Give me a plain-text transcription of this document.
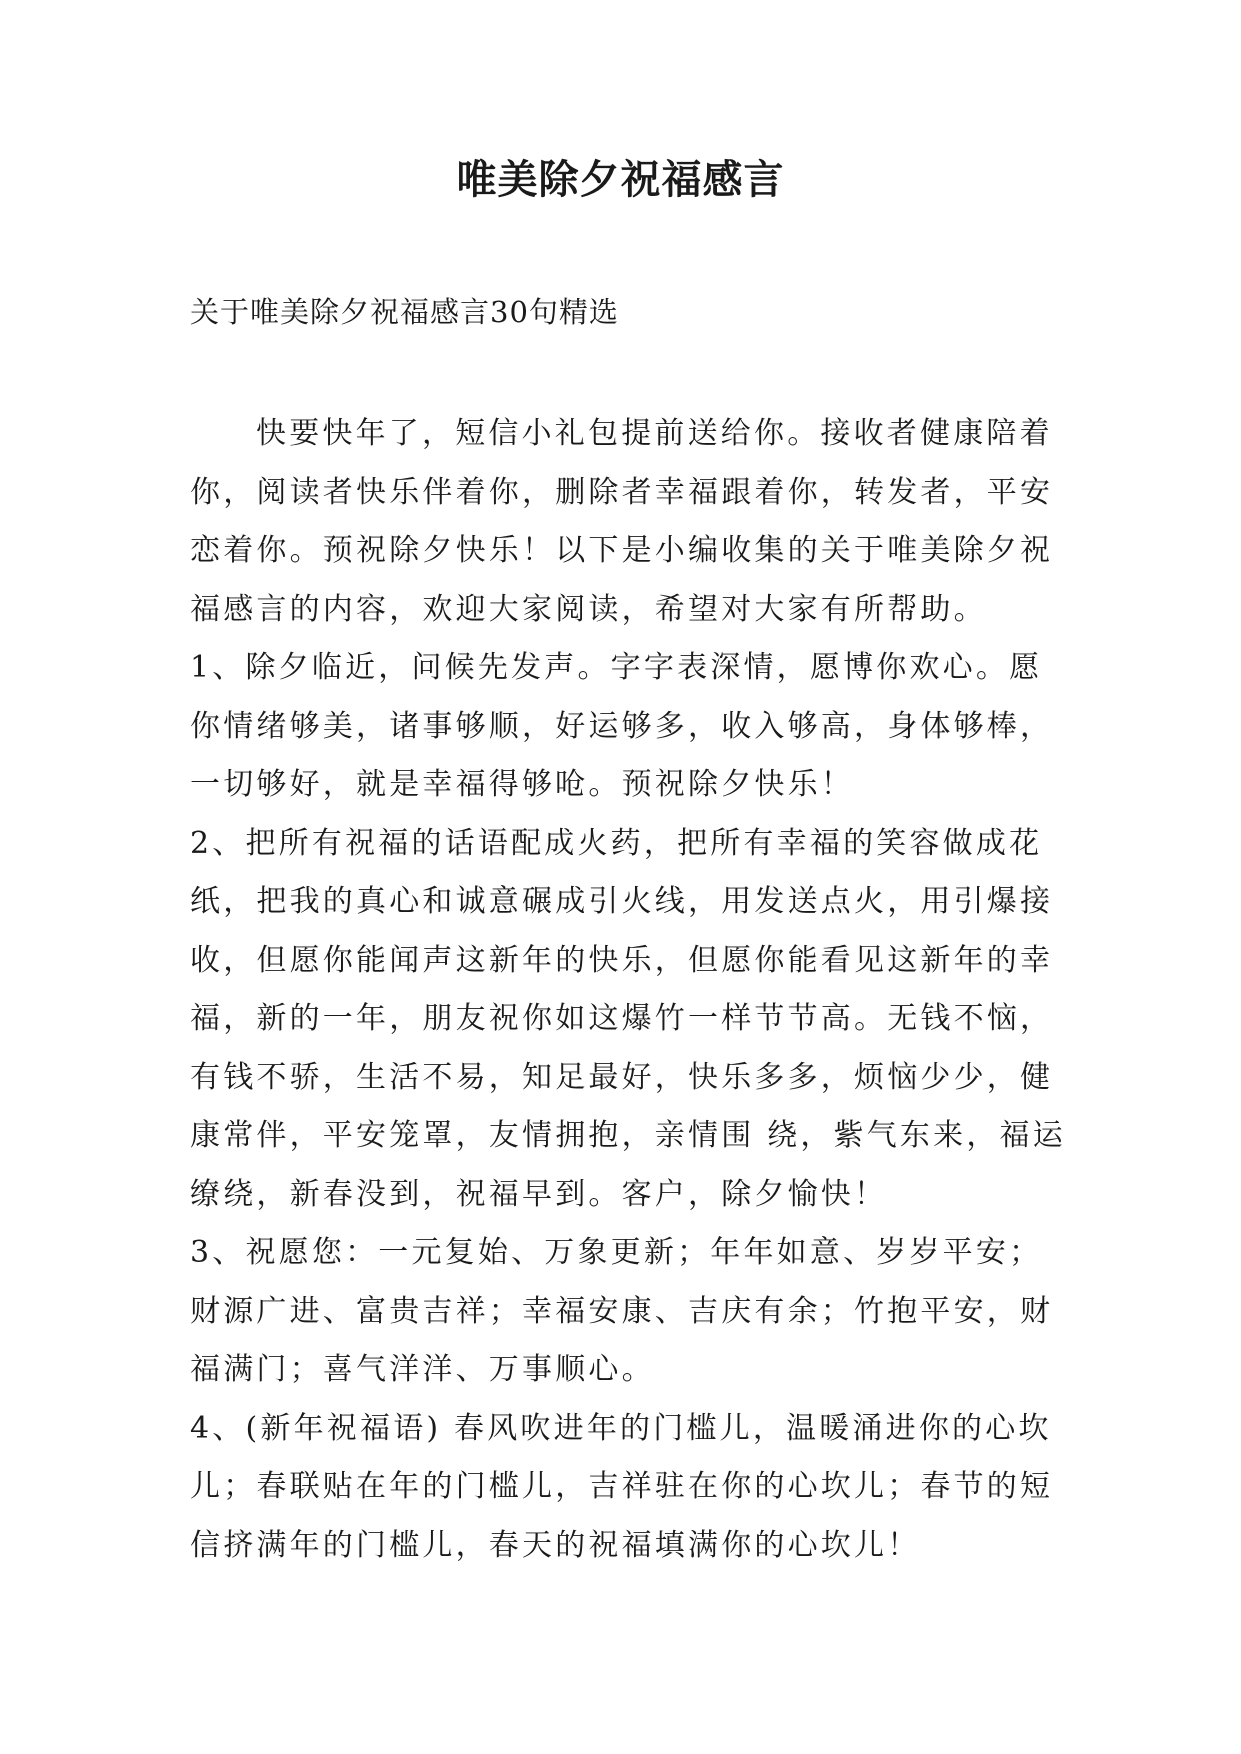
唯美除夕祝福感言

关于唯美除夕祝福感言30句精选

快要快年了，短信小礼包提前送给你。接收者健康陪着你，阅读者快乐伴着你，删除者幸福跟着你，转发者，平安恋着你。预祝除夕快乐！以下是小编收集的关于唯美除夕祝福感言的内容，欢迎大家阅读，希望对大家有所帮助。

1、除夕临近，问候先发声。字字表深情，愿博你欢心。愿你情绪够美，诸事够顺，好运够多，收入够高，身体够棒，一切够好，就是幸福得够呛。预祝除夕快乐！

2、把所有祝福的话语配成火药，把所有幸福的笑容做成花纸，把我的真心和诚意碾成引火线，用发送点火，用引爆接收，但愿你能闻声这新年的快乐，但愿你能看见这新年的幸福，新的一年，朋友祝你如这爆竹一样节节高。无钱不恼，有钱不骄，生活不易，知足最好，快乐多多，烦恼少少，健康常伴，平安笼罩，友情拥抱，亲情围 绕，紫气东来，福运缭绕，新春没到，祝福早到。客户，除夕愉快！

3、祝愿您：一元复始、万象更新；年年如意、岁岁平安；财源广进、富贵吉祥；幸福安康、吉庆有余；竹抱平安，财福满门；喜气洋洋、万事顺心。

4、(新年祝福语) 春风吹进年的门槛儿，温暖涌进你的心坎儿；春联贴在年的门槛儿，吉祥驻在你的心坎儿；春节的短信挤满年的门槛儿，春天的祝福填满你的心坎儿！
